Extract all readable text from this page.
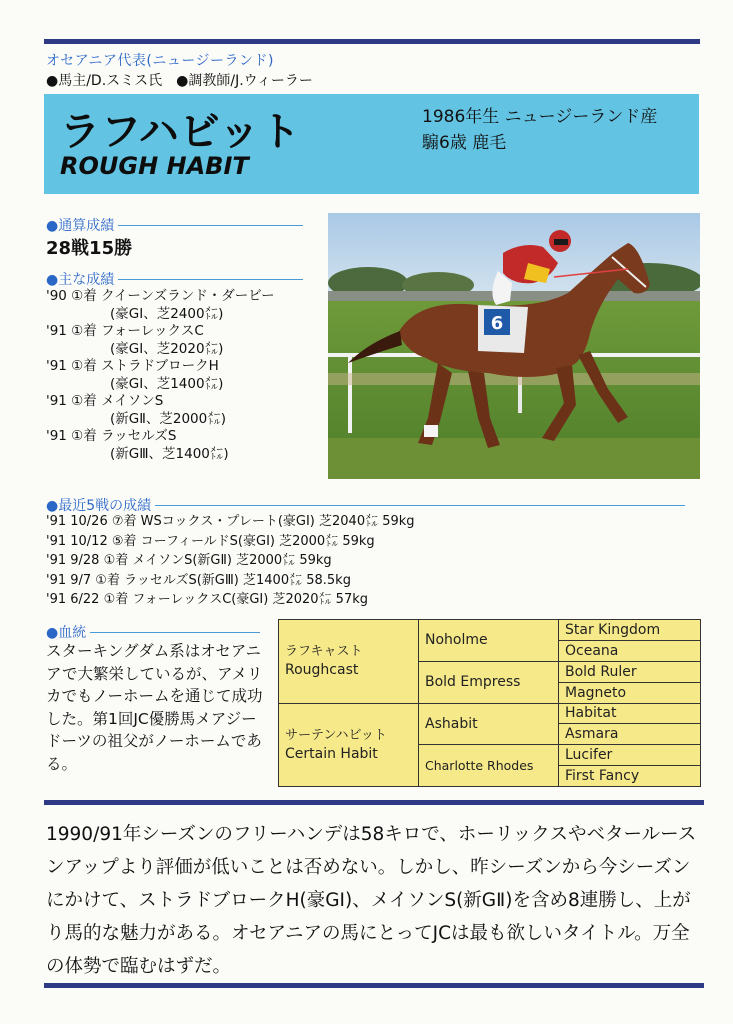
オセアニア代表(ニュージーランド)
●馬主/D.スミス氏　●調教師/J.ウィーラー
ラフハビット
ROUGH HABIT
1986年生 ニュージーランド産
騸6歳 鹿毛
●通算成績
28戦15勝
●主な成績
'90 ①着 クイーンズランド・ダービー
(豪GⅠ、芝2400㍍)
'91 ①着 フォーレックスC
(豪GⅠ、芝2020㍍)
'91 ①着 ストラドブロークH
(豪GⅠ、芝1400㍍)
'91 ①着 メイソンS
(新GⅡ、芝2000㍍)
'91 ①着 ラッセルズS
(新GⅢ、芝1400㍍)
6
●最近5戦の成績
'91 10/26 ⑦着 WSコックス・プレート(豪GⅠ) 芝2040㍍ 59kg
'91 10/12 ⑤着 コーフィールドS(豪GⅠ) 芝2000㍍ 59kg
'91 9/28 ①着 メイソンS(新GⅡ) 芝2000㍍ 59kg
'91 9/7 ①着 ラッセルズS(新GⅢ) 芝1400㍍ 58.5kg
'91 6/22 ①着 フォーレックスC(豪GⅠ) 芝2020㍍ 57kg
●血統
スターキングダム系はオセアニアで大繁栄しているが、アメリカでもノーホームを通じて成功した。第1回JC優勝馬メアジードーツの祖父がノーホームである。
ラフキャスト
Roughcast	Noholme	Star Kingdom
		Oceana
	Bold Empress	Bold Ruler
		Magneto

サーテンハビット
Certain Habit	Ashabit	Habitat
		Asmara
	Charlotte Rhodes	Lucifer
		First Fancy
1990/91年シーズンのフリーハンデは58キロで、ホーリックスやベタールースンアップより評価が低いことは否めない。しかし、昨シーズンから今シーズンにかけて、ストラドブロークH(豪GⅠ)、メイソンS(新GⅡ)を含め8連勝し、上がり馬的な魅力がある。オセアニアの馬にとってJCは最も欲しいタイトル。万全の体勢で臨むはずだ。
